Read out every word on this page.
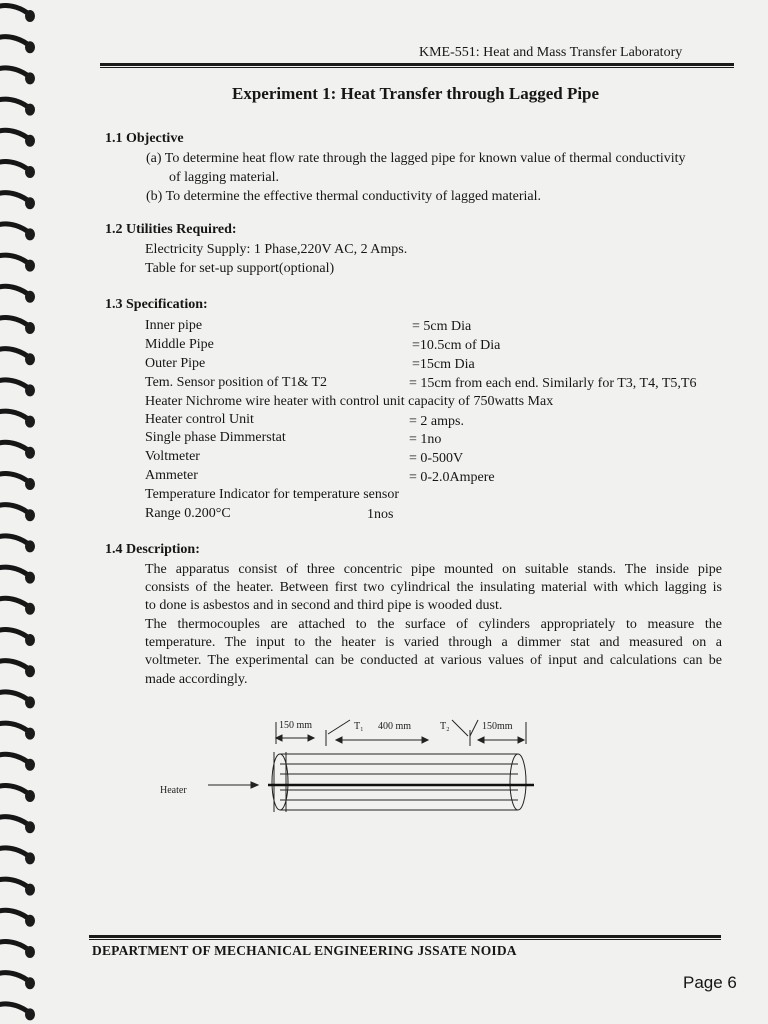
KME-551: Heat and Mass Transfer Laboratory
Experiment 1: Heat Transfer through Lagged Pipe
1.1 Objective
(a) To determine heat flow rate through the lagged pipe for known value of thermal conductivity
of lagging material.
(b) To determine the effective thermal conductivity of lagged material.
1.2 Utilities Required:
Electricity Supply: 1 Phase,220V AC, 2 Amps.
Table for set-up support(optional)
1.3 Specification:
Inner pipe	= 5cm Dia
Middle Pipe	=10.5cm of Dia
Outer Pipe	=15cm Dia
Tem. Sensor position of T1& T2	= 15cm from each end. Similarly for T3, T4, T5,T6
Heater Nichrome wire heater with control unit capacity of 750watts Max
Heater control Unit	= 2 amps.
Single phase Dimmerstat	= 1no
Voltmeter	= 0-500V
Ammeter	= 0-2.0Ampere
Temperature Indicator for temperature sensor
Range 0.200°C	1nos
1.4 Description:
The apparatus consist of three concentric pipe mounted on suitable stands. The inside pipe
consists of the heater. Between first two cylindrical the insulating material with which lagging is
to done is asbestos and in second and third pipe is wooded dust.
The thermocouples are attached to the surface of cylinders appropriately to measure the
temperature. The input to the heater is varied through a dimmer stat and measured on a
voltmeter. The experimental can be conducted at various values of input and calculations can be
made accordingly.
150 mm	T₁ 400 mm	T₂	150mm
Heater
DEPARTMENT OF MECHANICAL ENGINEERING JSSATE NOIDA
Page 6
